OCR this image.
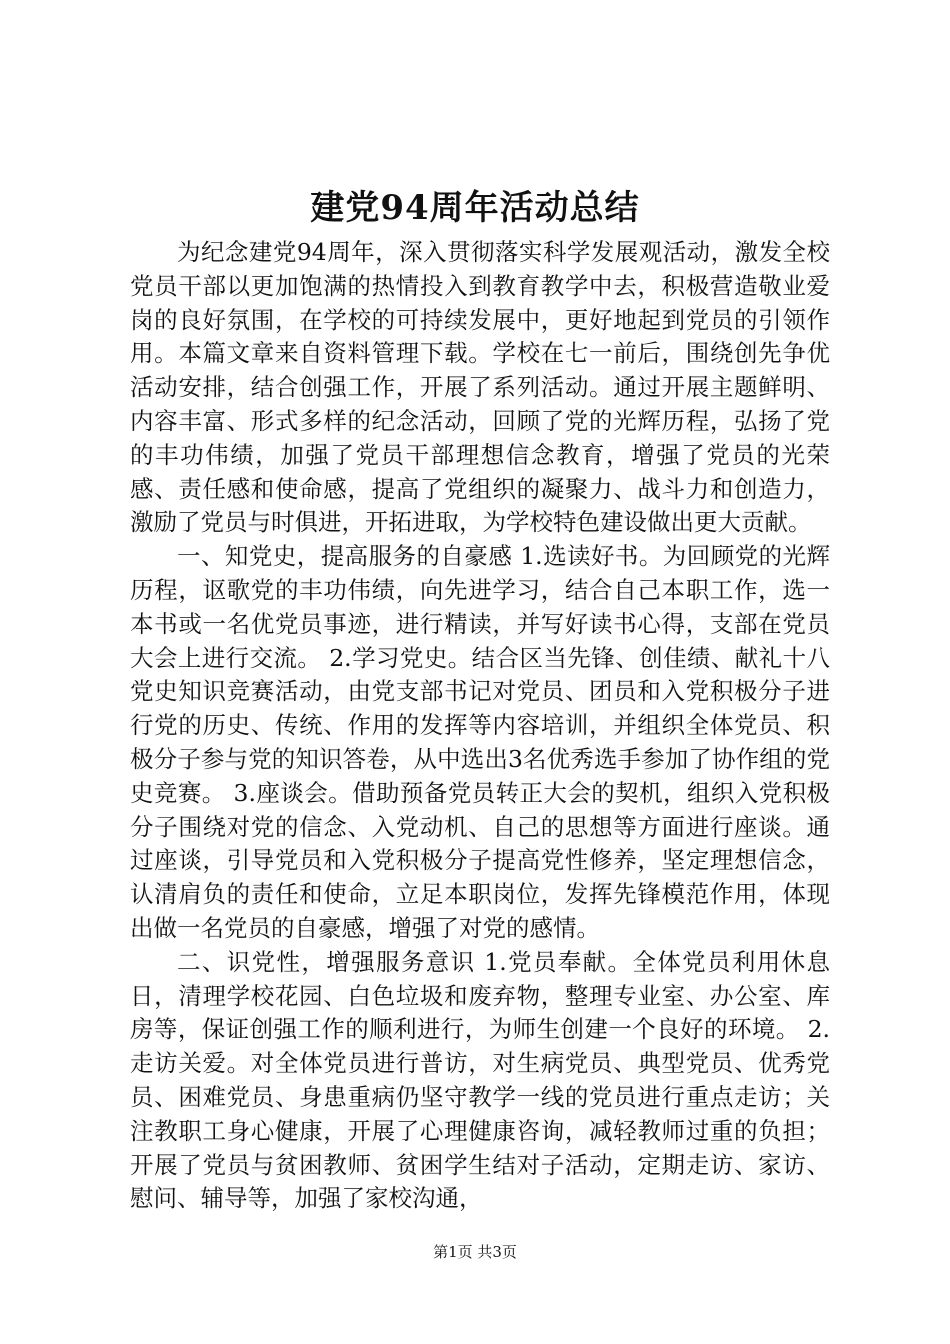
建党94周年活动总结

为纪念建党94周年，深入贯彻落实科学发展观活动，激发全校党员干部以更加饱满的热情投入到教育教学中去，积极营造敬业爱岗的良好氛围，在学校的可持续发展中，更好地起到党员的引领作用。本篇文章来自资料管理下载。学校在七一前后，围绕创先争优活动安排，结合创强工作，开展了系列活动。通过开展主题鲜明、内容丰富、形式多样的纪念活动，回顾了党的光辉历程，弘扬了党的丰功伟绩，加强了党员干部理想信念教育，增强了党员的光荣感、责任感和使命感，提高了党组织的凝聚力、战斗力和创造力，激励了党员与时俱进，开拓进取，为学校特色建设做出更大贡献。

一、知党史，提高服务的自豪感 1.选读好书。为回顾党的光辉历程，讴歌党的丰功伟绩，向先进学习，结合自己本职工作，选一本书或一名优党员事迹，进行精读，并写好读书心得，支部在党员大会上进行交流。 2.学习党史。结合区当先锋、创佳绩、献礼十八党史知识竞赛活动，由党支部书记对党员、团员和入党积极分子进行党的历史、传统、作用的发挥等内容培训，并组织全体党员、积极分子参与党的知识答卷，从中选出3名优秀选手参加了协作组的党史竞赛。 3.座谈会。借助预备党员转正大会的契机，组织入党积极分子围绕对党的信念、入党动机、自己的思想等方面进行座谈。通过座谈，引导党员和入党积极分子提高党性修养，坚定理想信念，认清肩负的责任和使命，立足本职岗位，发挥先锋模范作用，体现出做一名党员的自豪感，增强了对党的感情。

二、识党性，增强服务意识 1.党员奉献。全体党员利用休息日，清理学校花园、白色垃圾和废弃物，整理专业室、办公室、库房等，保证创强工作的顺利进行，为师生创建一个良好的环境。 2.走访关爱。对全体党员进行普访，对生病党员、典型党员、优秀党员、困难党员、身患重病仍坚守教学一线的党员进行重点走访；关注教职工身心健康，开展了心理健康咨询，减轻教师过重的负担；开展了党员与贫困教师、贫困学生结对子活动，定期走访、家访、慰问、辅导等，加强了家校沟通，

第1页 共3页
